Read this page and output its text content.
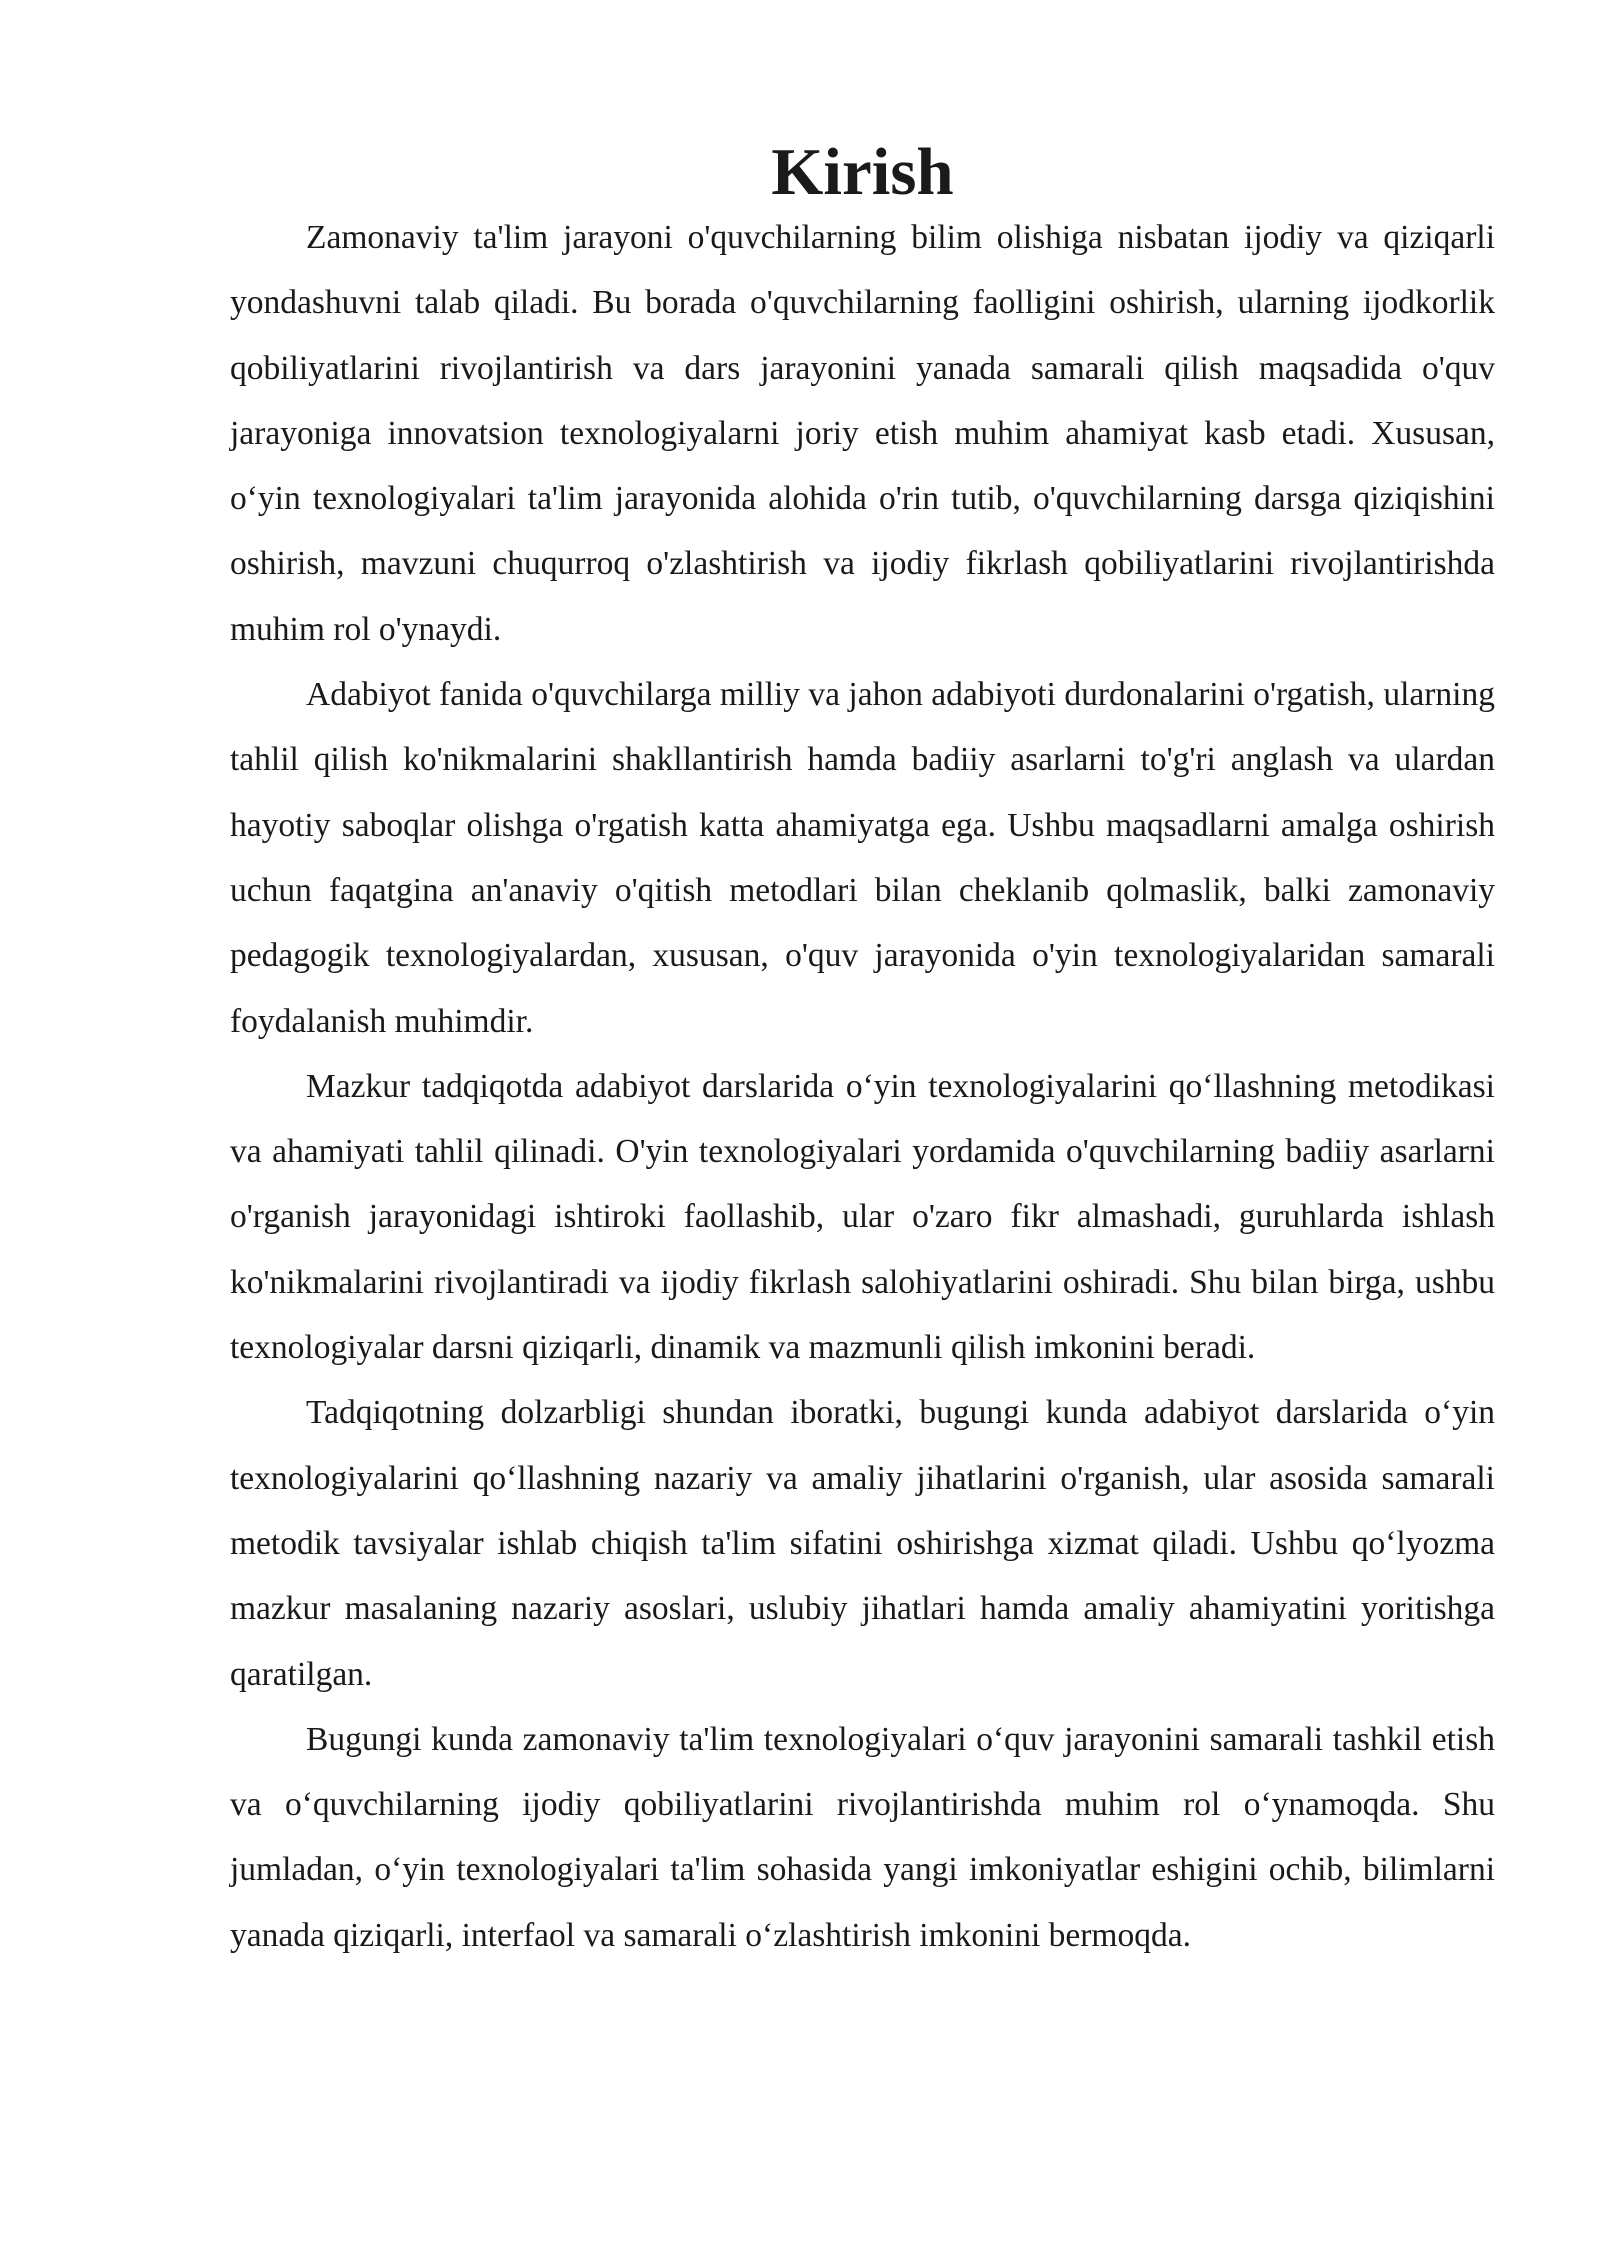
Kirish

Zamonaviy ta'lim jarayoni o'quvchilarning bilim olishiga nisbatan ijodiy va qiziqarli yondashuvni talab qiladi. Bu borada o'quvchilarning faolligini oshirish, ularning ijodkorlik qobiliyatlarini rivojlantirish va dars jarayonini yanada samarali qilish maqsadida o'quv jarayoniga innovatsion texnologiyalarni joriy etish muhim ahamiyat kasb etadi. Xususan, o‘yin texnologiyalari ta'lim jarayonida alohida o'rin tutib, o'quvchilarning darsga qiziqishini oshirish, mavzuni chuqurroq o'zlashtirish va ijodiy fikrlash qobiliyatlarini rivojlantirishda muhim rol o'ynaydi.

Adabiyot fanida o'quvchilarga milliy va jahon adabiyoti durdonalarini o'rgatish, ularning tahlil qilish ko'nikmalarini shakllantirish hamda badiiy asarlarni to'g'ri anglash va ulardan hayotiy saboqlar olishga o'rgatish katta ahamiyatga ega. Ushbu maqsadlarni amalga oshirish uchun faqatgina an'anaviy o'qitish metodlari bilan cheklanib qolmaslik, balki zamonaviy pedagogik texnologiyalardan, xususan, o'quv jarayonida o'yin texnologiyalaridan samarali foydalanish muhimdir.

Mazkur tadqiqotda adabiyot darslarida o‘yin texnologiyalarini qo‘llashning metodikasi va ahamiyati tahlil qilinadi. O'yin texnologiyalari yordamida o'quvchilarning badiiy asarlarni o'rganish jarayonidagi ishtiroki faollashib, ular o'zaro fikr almashadi, guruhlarda ishlash ko'nikmalarini rivojlantiradi va ijodiy fikrlash salohiyatlarini oshiradi. Shu bilan birga, ushbu texnologiyalar darsni qiziqarli, dinamik va mazmunli qilish imkonini beradi.

Tadqiqotning dolzarbligi shundan iboratki, bugungi kunda adabiyot darslarida o‘yin texnologiyalarini qo‘llashning nazariy va amaliy jihatlarini o'rganish, ular asosida samarali metodik tavsiyalar ishlab chiqish ta'lim sifatini oshirishga xizmat qiladi. Ushbu qo‘lyozma mazkur masalaning nazariy asoslari, uslubiy jihatlari hamda amaliy ahamiyatini yoritishga qaratilgan.

Bugungi kunda zamonaviy ta'lim texnologiyalari o‘quv jarayonini samarali tashkil etish va o‘quvchilarning ijodiy qobiliyatlarini rivojlantirishda muhim rol o‘ynamoqda. Shu jumladan, o‘yin texnologiyalari ta'lim sohasida yangi imkoniyatlar eshigini ochib, bilimlarni yanada qiziqarli, interfaol va samarali o‘zlashtirish imkonini bermoqda.
